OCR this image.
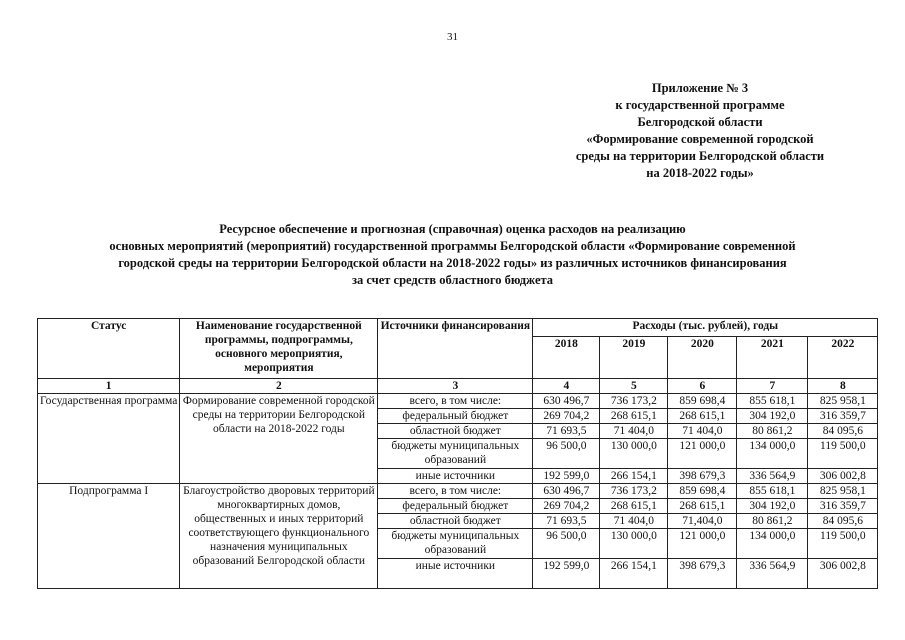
31
Приложение № 3
к государственной программе
Белгородской области
«Формирование современной городской
среды на территории Белгородской области
на 2018-2022 годы»
Ресурсное обеспечение и прогнозная (справочная) оценка расходов на реализацию
основных мероприятий (мероприятий) государственной программы Белгородской области «Формирование современной
городской среды на территории Белгородской области на 2018-2022 годы» из различных источников финансирования
за счет средств областного бюджета
Статус	Наименование государственной программы, подпрограммы, основного мероприятия, мероприятия	Источники финансирования	Расходы (тыс. рублей), годы				
			2018	2019	2020	2021	2022
1	2	3	4	5	6	7	8
Государственная программа	Формирование современной городской среды на территории Белгородской области на 2018-2022 годы	всего, в том числе:	630 496,7	736 173,2	859 698,4	855 618,1	825 958,1
		федеральный бюджет	269 704,2	268 615,1	268 615,1	304 192,0	316 359,7
		областной бюджет	71 693,5	71 404,0	71 404,0	80 861,2	84 095,6
		бюджеты муниципальных образований	96 500,0	130 000,0	121 000,0	134 000,0	119 500,0
		иные источники	192 599,0	266 154,1	398 679,3	336 564,9	306 002,8
Подпрограмма I	Благоустройство дворовых территорий многоквартирных домов, общественных и иных территорий соответствующего функционального назначения муниципальных образований Белгородской области	всего, в том числе:	630 496,7	736 173,2	859 698,4	855 618,1	825 958,1
		федеральный бюджет	269 704,2	268 615,1	268 615,1	304 192,0	316 359,7
		областной бюджет	71 693,5	71 404,0	71,404,0	80 861,2	84 095,6
		бюджеты муниципальных образований	96 500,0	130 000,0	121 000,0	134 000,0	119 500,0
		иные источники	192 599,0	266 154,1	398 679,3	336 564,9	306 002,8
